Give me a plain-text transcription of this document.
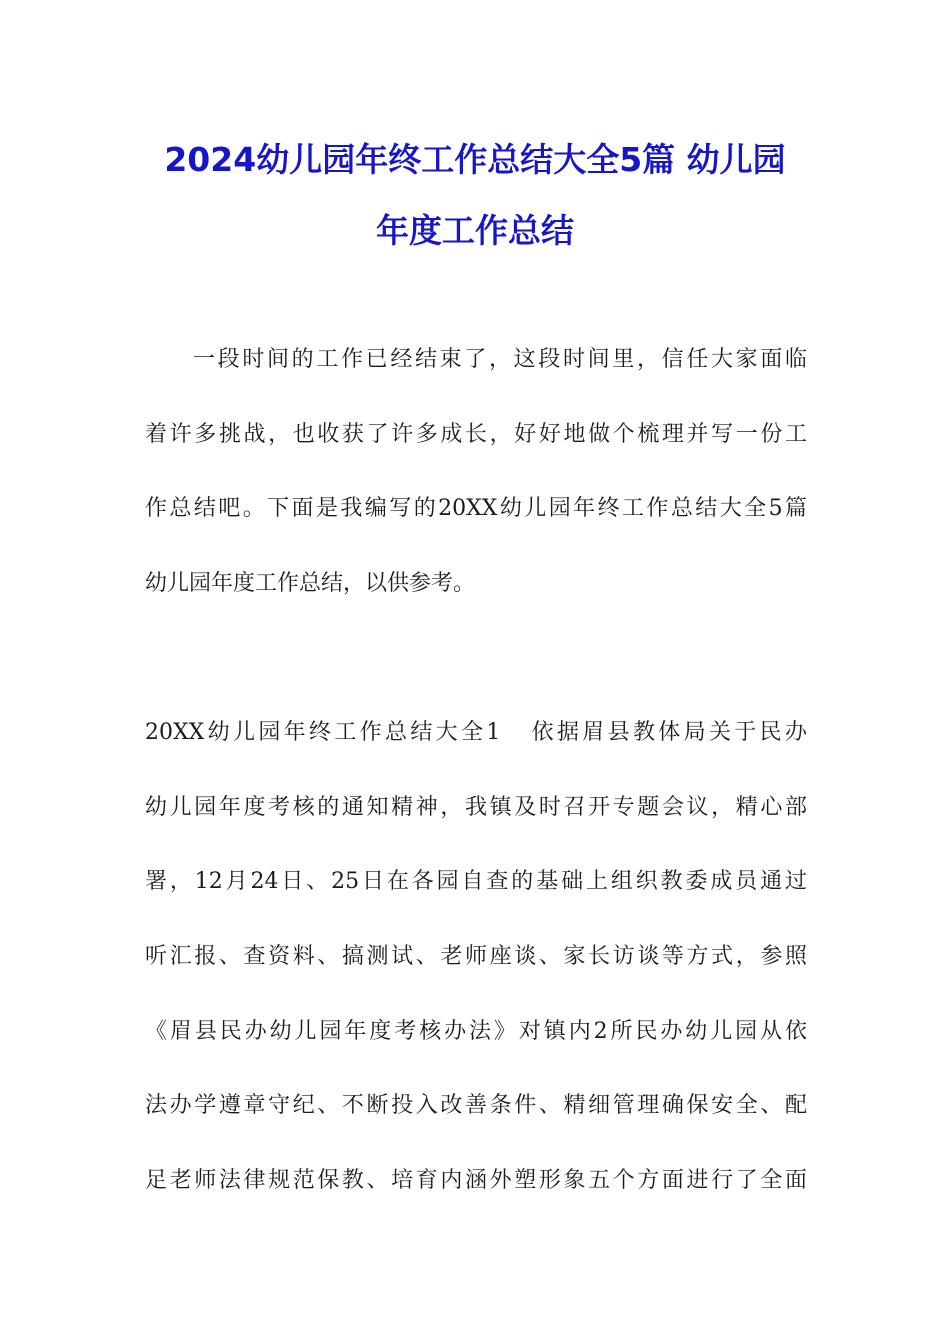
2024幼儿园年终工作总结大全5篇 幼儿园
年度工作总结
一段时间的工作已经结束了，这段时间里，信任大家面临
着许多挑战，也收获了许多成长，好好地做个梳理并写一份工
作总结吧。下面是我编写的20XX幼儿园年终工作总结大全5篇
幼儿园年度工作总结，以供参考。
20XX幼儿园年终工作总结大全1 依据眉县教体局关于民办
幼儿园年度考核的通知精神，我镇及时召开专题会议，精心部
署，12月24日、25日在各园自查的基础上组织教委成员通过
听汇报、查资料、搞测试、老师座谈、家长访谈等方式，参照
《眉县民办幼儿园年度考核办法》对镇内2所民办幼儿园从依
法办学遵章守纪、不断投入改善条件、精细管理确保安全、配
足老师法律规范保教、培育内涵外塑形象五个方面进行了全面
